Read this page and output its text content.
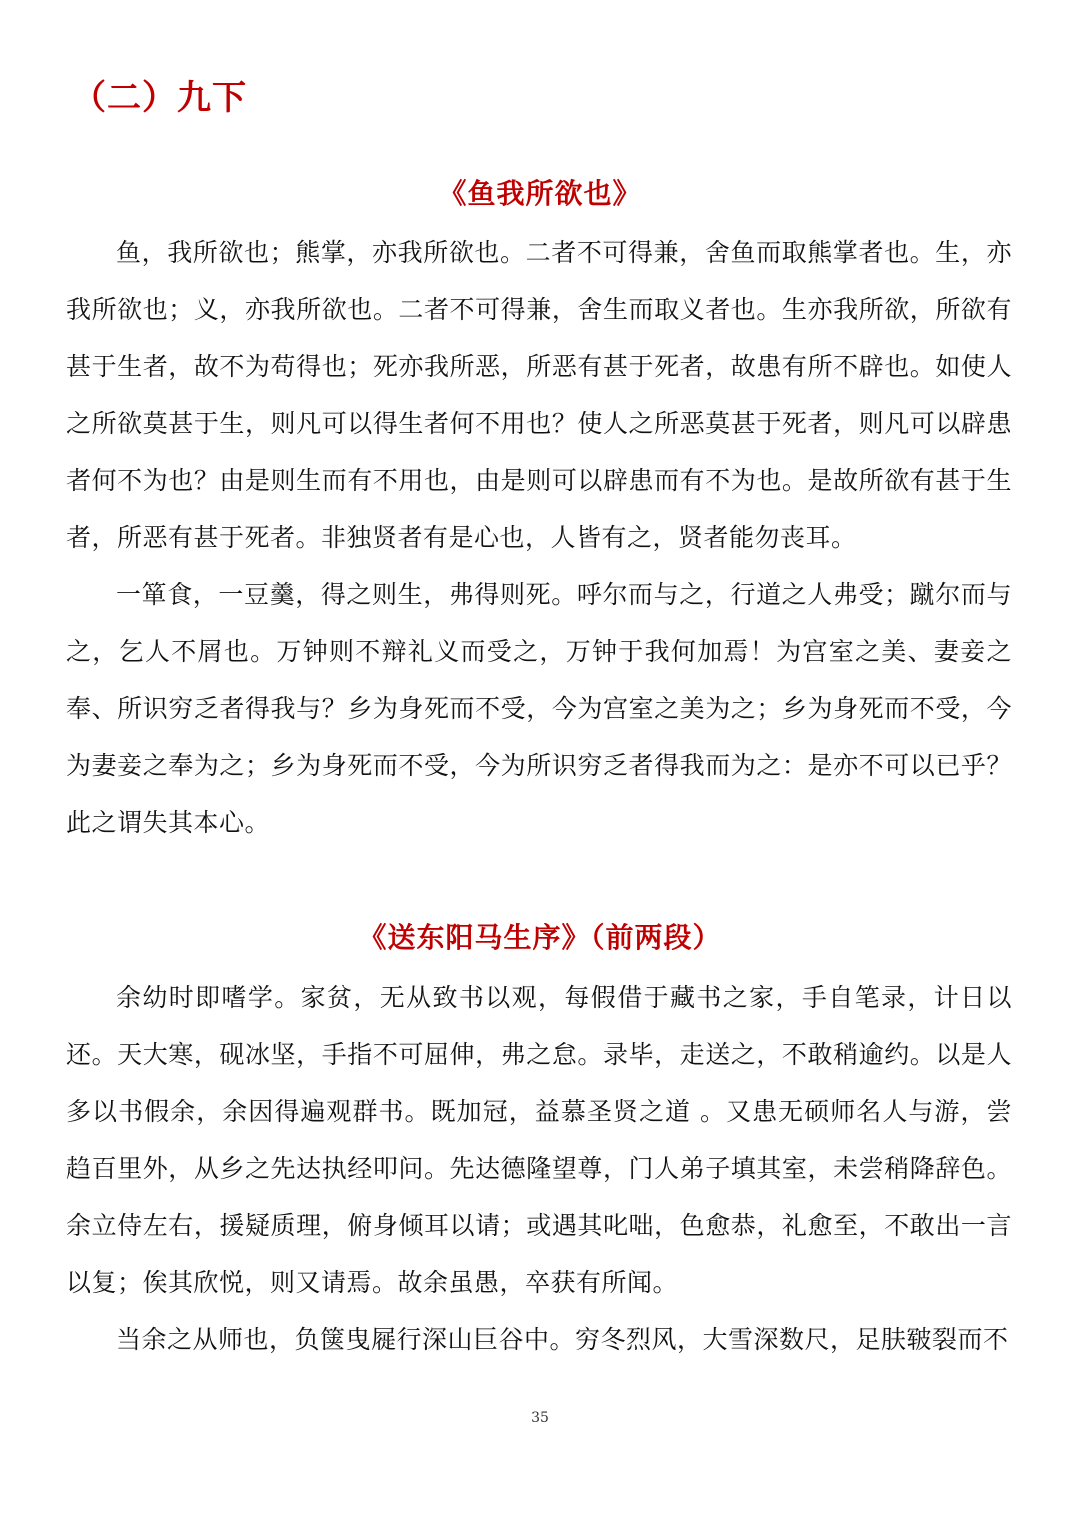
（二）九下
《鱼我所欲也》

鱼，我所欲也；熊掌，亦我所欲也。二者不可得兼，舍鱼而取熊掌者也。生，亦我所欲也；义，亦我所欲也。二者不可得兼，舍生而取义者也。生亦我所欲，所欲有甚于生者，故不为苟得也；死亦我所恶，所恶有甚于死者，故患有所不辟也。如使人之所欲莫甚于生，则凡可以得生者何不用也？使人之所恶莫甚于死者，则凡可以辟患者何不为也？由是则生而有不用也，由是则可以辟患而有不为也。是故所欲有甚于生者，所恶有甚于死者。非独贤者有是心也，人皆有之，贤者能勿丧耳。

一箪食，一豆羹，得之则生，弗得则死。呼尔而与之，行道之人弗受；蹴尔而与之，乞人不屑也。万钟则不辩礼义而受之，万钟于我何加焉！为宫室之美、妻妾之奉、所识穷乏者得我与？乡为身死而不受，今为宫室之美为之；乡为身死而不受，今为妻妾之奉为之；乡为身死而不受，今为所识穷乏者得我而为之：是亦不可以已乎？此之谓失其本心。

《送东阳马生序》（前两段）

余幼时即嗜学。家贫，无从致书以观，每假借于藏书之家，手自笔录，计日以还。天大寒，砚冰坚，手指不可屈伸，弗之怠。录毕，走送之，不敢稍逾约。以是人多以书假余，余因得遍观群书。既加冠，益慕圣贤之道 。又患无硕师名人与游，尝趋百里外，从乡之先达执经叩问。先达德隆望尊，门人弟子填其室，未尝稍降辞色。余立侍左右，援疑质理，俯身倾耳以请；或遇其叱咄，色愈恭，礼愈至，不敢出一言以复；俟其欣悦，则又请焉。故余虽愚，卒获有所闻。

当余之从师也，负箧曳屣行深山巨谷中。穷冬烈风，大雪深数尺，足肤皲裂而不

35
